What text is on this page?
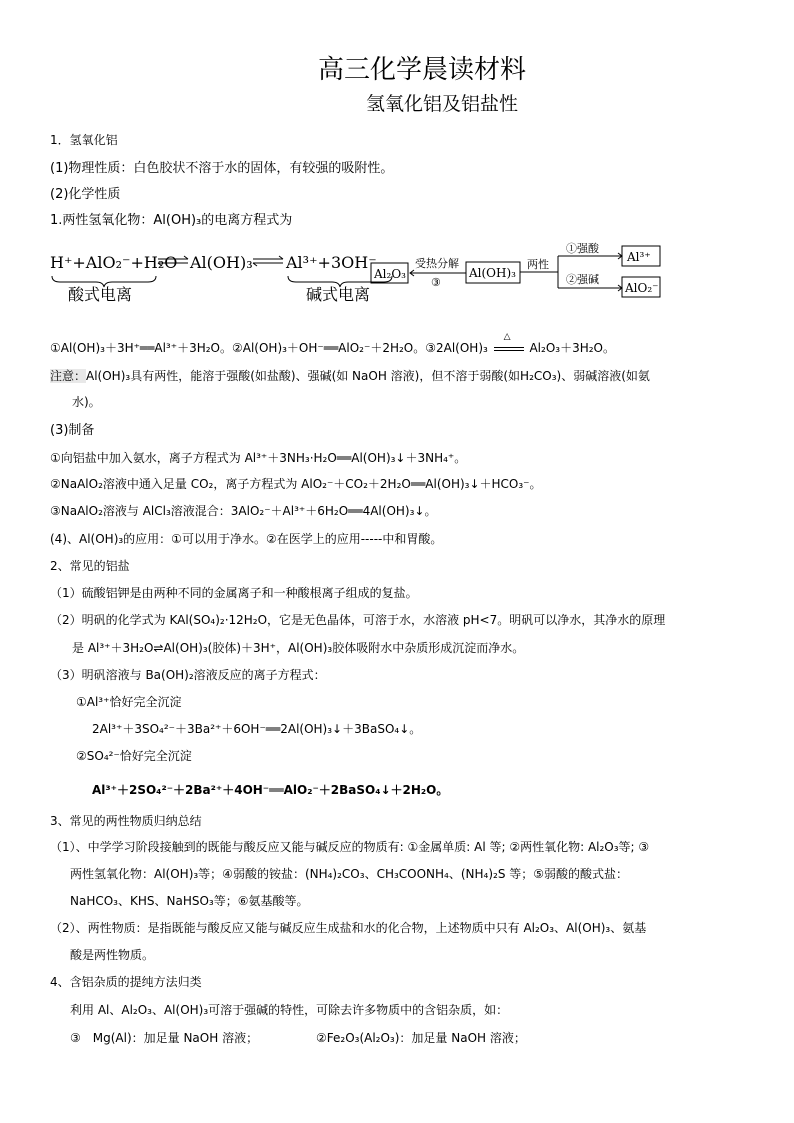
高三化学晨读材料
氢氧化铝及铝盐性
1．氢氧化铝
(1)物理性质：白色胶状不溶于水的固体，有较强的吸附性。
(2)化学性质
1.两性氢氧化物：Al(OH)₃的电离方程式为
H⁺+AlO₂⁻+H₂O Al(OH)₃ Al³⁺+3OH⁻
酸式电离	碱式电离
Al₂O₃
受热分解
③
Al(OH)₃
两性
①强酸
②强碱
Al³⁺
AlO₂⁻
①Al(OH)₃＋3H⁺══Al³⁺＋3H₂O。②Al(OH)₃＋OH⁻══AlO₂⁻＋2H₂O。③2Al(OH)₃
△
Al₂O₃＋3H₂O。
注意：Al(OH)₃具有两性，能溶于强酸(如盐酸)、强碱(如 NaOH 溶液)，但不溶于弱酸(如H₂CO₃)、弱碱溶液(如氨
水)。
(3)制备
①向铝盐中加入氨水，离子方程式为 Al³⁺＋3NH₃·H₂O══Al(OH)₃↓＋3NH₄⁺。
②NaAlO₂溶液中通入足量 CO₂，离子方程式为 AlO₂⁻＋CO₂＋2H₂O══Al(OH)₃↓＋HCO₃⁻。
③NaAlO₂溶液与 AlCl₃溶液混合：3AlO₂⁻＋Al³⁺＋6H₂O══4Al(OH)₃↓。
(4)、Al(OH)₃的应用：①可以用于净水。②在医学上的应用-----中和胃酸。
2、常见的铝盐
（1）硫酸铝钾是由两种不同的金属离子和一种酸根离子组成的复盐。
（2）明矾的化学式为 KAl(SO₄)₂·12H₂O，它是无色晶体，可溶于水，水溶液 pH<7。明矾可以净水，其净水的原理
是 Al³⁺＋3H₂O⇌Al(OH)₃(胶体)＋3H⁺，Al(OH)₃胶体吸附水中杂质形成沉淀而净水。
（3）明矾溶液与 Ba(OH)₂溶液反应的离子方程式：
①Al³⁺恰好完全沉淀
2Al³⁺＋3SO₄²⁻＋3Ba²⁺＋6OH⁻══2Al(OH)₃↓＋3BaSO₄↓。
②SO₄²⁻恰好完全沉淀
Al³⁺＋2SO₄²⁻＋2Ba²⁺＋4OH⁻══AlO₂⁻＋2BaSO₄↓＋2H₂O。
3、常见的两性物质归纳总结
（1）、中学学习阶段接触到的既能与酸反应又能与碱反应的物质有: ①金属单质: Al 等; ②两性氧化物: Al₂O₃等; ③
两性氢氧化物：Al(OH)₃等；④弱酸的铵盐：(NH₄)₂CO₃、CH₃COONH₄、(NH₄)₂S 等；⑤弱酸的酸式盐：
NaHCO₃、KHS、NaHSO₃等；⑥氨基酸等。
（2）、两性物质：是指既能与酸反应又能与碱反应生成盐和水的化合物，上述物质中只有 Al₂O₃、Al(OH)₃、氨基
酸是两性物质。
4、含铝杂质的提纯方法归类
利用 Al、Al₂O₃、Al(OH)₃可溶于强碱的特性，可除去许多物质中的含铝杂质，如：
③　Mg(Al)：加足量 NaOH 溶液；	②Fe₂O₃(Al₂O₃)：加足量 NaOH 溶液；
